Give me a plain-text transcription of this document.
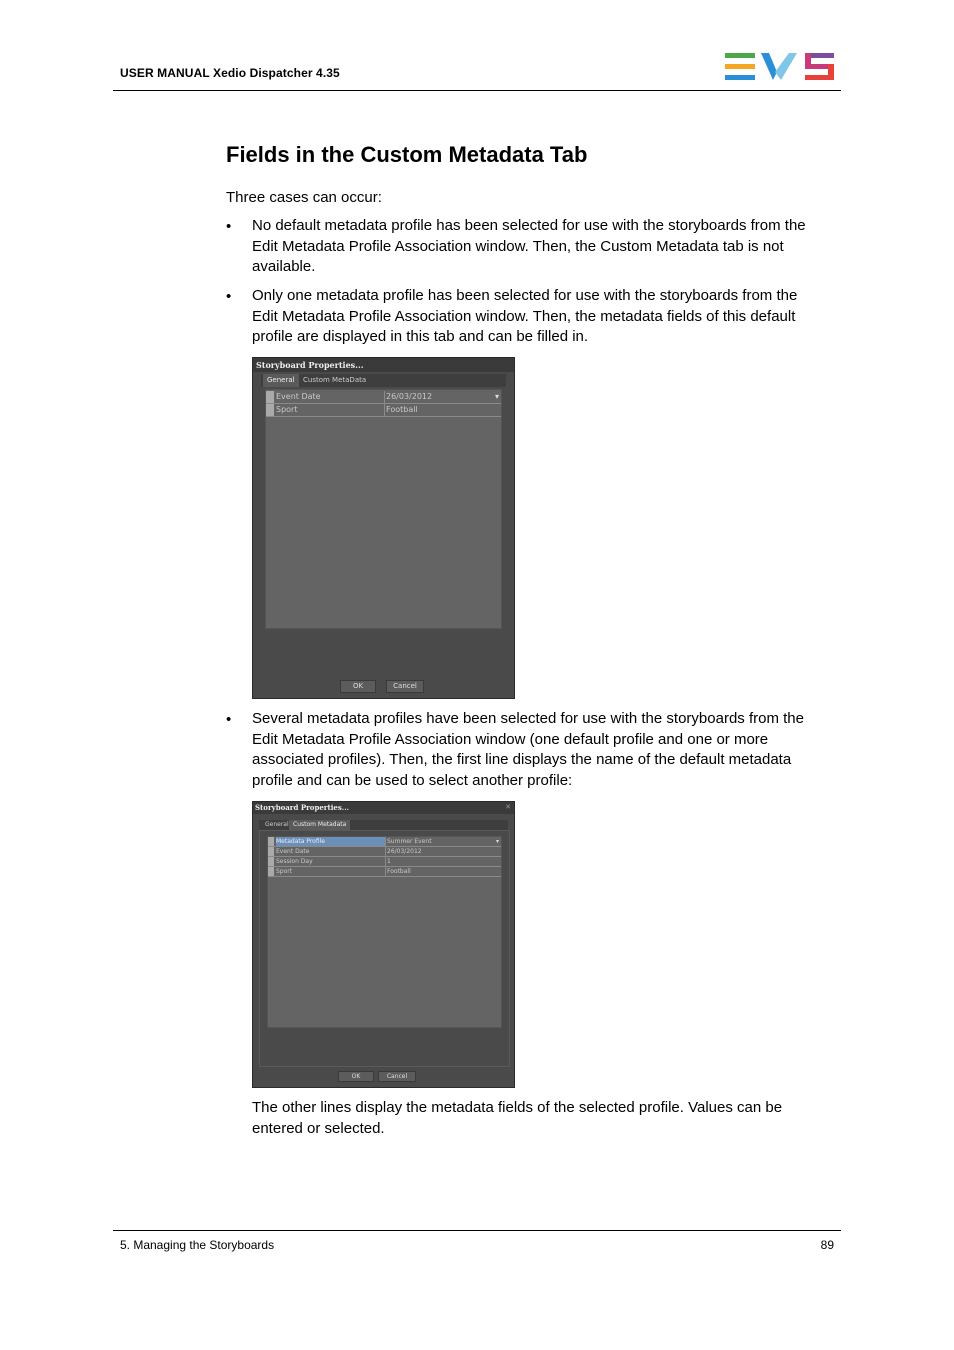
USER MANUAL Xedio Dispatcher 4.35
Fields in the Custom Metadata Tab
Three cases can occur:
• No default metadata profile has been selected for use with the storyboards from the
Edit Metadata Profile Association window. Then, the Custom Metadata tab is not
available.
• Only one metadata profile has been selected for use with the storyboards from the
Edit Metadata Profile Association window. Then, the metadata fields of this default
profile are displayed in this tab and can be filled in.
Storyboard Properties...
General	Custom MetaData
Event Date	26/03/2012	▾
Sport	Football
OK	Cancel
• Several metadata profiles have been selected for use with the storyboards from the
Edit Metadata Profile Association window (one default profile and one or more
associated profiles). Then, the first line displays the name of the default metadata
profile and can be used to select another profile:
Storyboard Properties...	✕
General Custom Metadata
Metadata Profile	Summer Event	▾
Event Date	26/03/2012
Session Day	1
Sport	Football
OK	Cancel
The other lines display the metadata fields of the selected profile. Values can be
entered or selected.
5. Managing the Storyboards	89
